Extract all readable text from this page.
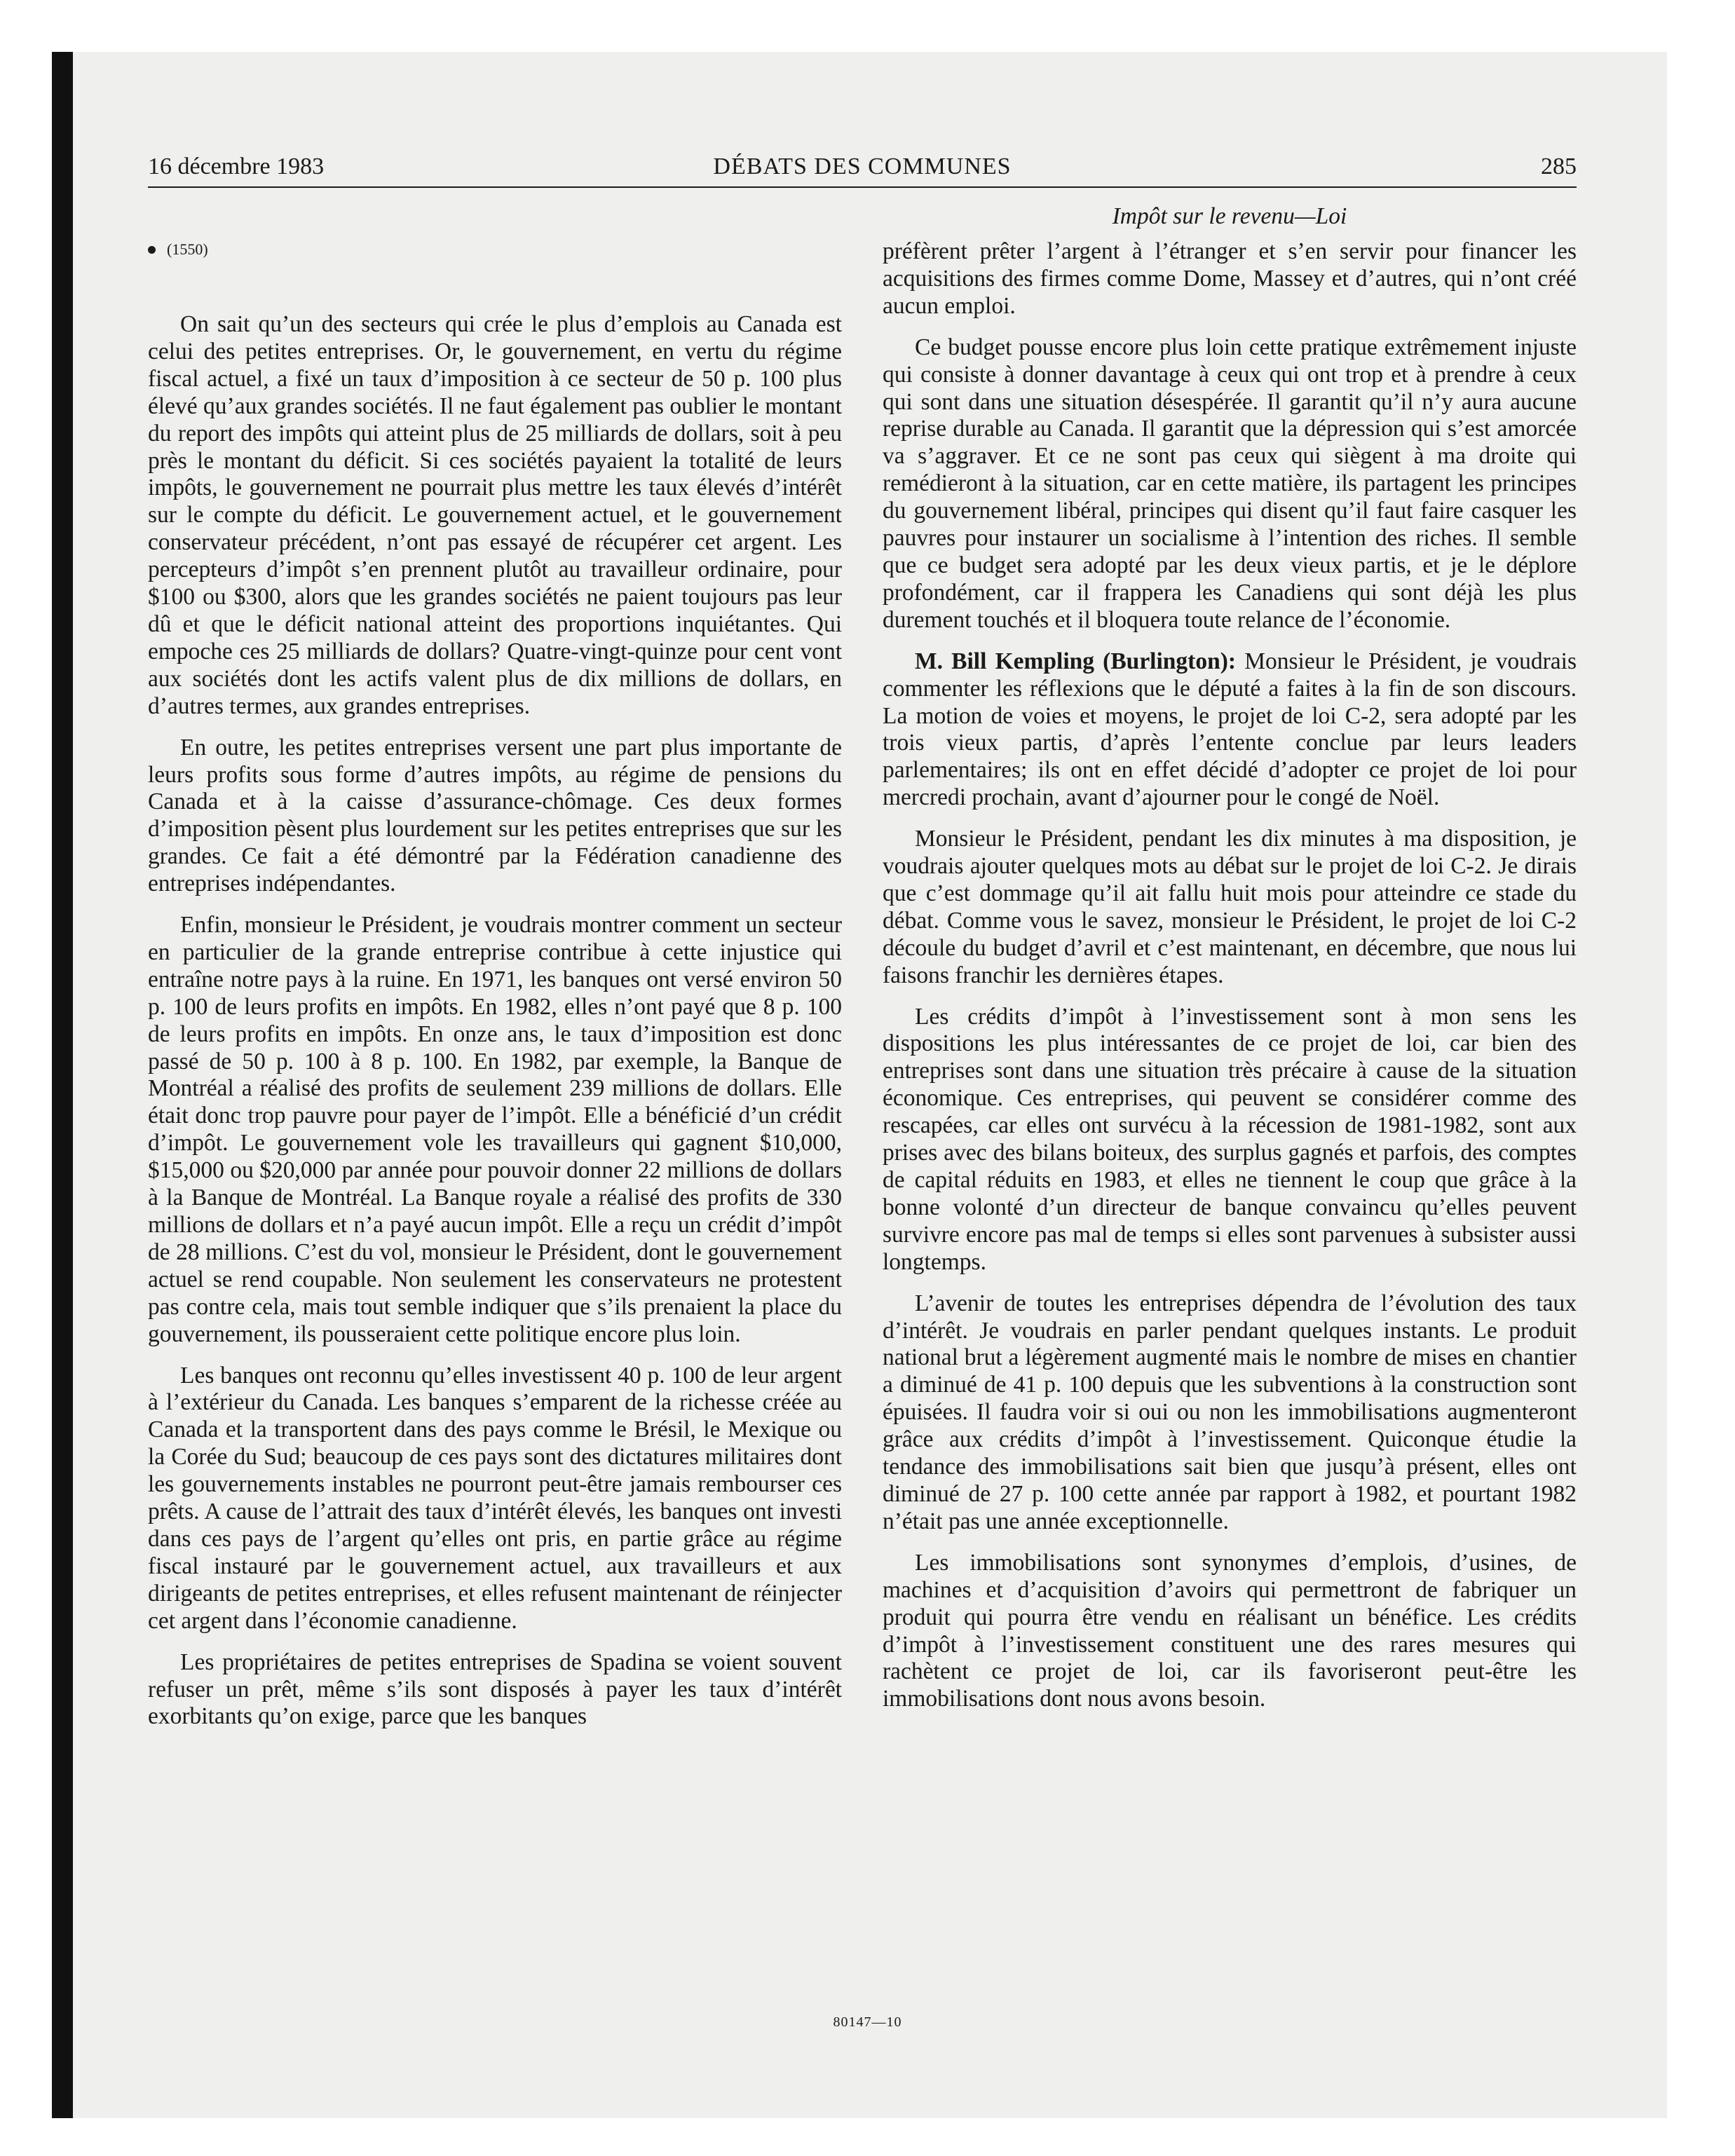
16 décembre 1983	DÉBATS DES COMMUNES	285
(1550)

On sait qu’un des secteurs qui crée le plus d’emplois au Canada est celui des petites entreprises. Or, le gouvernement, en vertu du régime fiscal actuel, a fixé un taux d’imposition à ce secteur de 50 p. 100 plus élevé qu’aux grandes sociétés. Il ne faut également pas oublier le montant du report des impôts qui atteint plus de 25 milliards de dollars, soit à peu près le montant du déficit. Si ces sociétés payaient la totalité de leurs impôts, le gouvernement ne pourrait plus mettre les taux élevés d’intérêt sur le compte du déficit. Le gouvernement actuel, et le gouvernement conservateur précédent, n’ont pas essayé de récupérer cet argent. Les percepteurs d’impôt s’en prennent plutôt au travailleur ordinaire, pour $100 ou $300, alors que les grandes sociétés ne paient toujours pas leur dû et que le déficit national atteint des proportions inquiétantes. Qui empoche ces 25 milliards de dollars? Quatre-vingt-quinze pour cent vont aux sociétés dont les actifs valent plus de dix millions de dollars, en d’autres termes, aux grandes entreprises.

En outre, les petites entreprises versent une part plus importante de leurs profits sous forme d’autres impôts, au régime de pensions du Canada et à la caisse d’assurance-chômage. Ces deux formes d’imposition pèsent plus lourdement sur les petites entreprises que sur les grandes. Ce fait a été démontré par la Fédération canadienne des entreprises indépendantes.

Enfin, monsieur le Président, je voudrais montrer comment un secteur en particulier de la grande entreprise contribue à cette injustice qui entraîne notre pays à la ruine. En 1971, les banques ont versé environ 50 p. 100 de leurs profits en impôts. En 1982, elles n’ont payé que 8 p. 100 de leurs profits en impôts. En onze ans, le taux d’imposition est donc passé de 50 p. 100 à 8 p. 100. En 1982, par exemple, la Banque de Montréal a réalisé des profits de seulement 239 millions de dollars. Elle était donc trop pauvre pour payer de l’impôt. Elle a bénéficié d’un crédit d’impôt. Le gouvernement vole les travailleurs qui gagnent $10,000, $15,000 ou $20,000 par année pour pouvoir donner 22 millions de dollars à la Banque de Montréal. La Banque royale a réalisé des profits de 330 millions de dollars et n’a payé aucun impôt. Elle a reçu un crédit d’impôt de 28 millions. C’est du vol, monsieur le Président, dont le gouvernement actuel se rend coupable. Non seulement les conservateurs ne protestent pas contre cela, mais tout semble indiquer que s’ils prenaient la place du gouvernement, ils pousseraient cette politique encore plus loin.

Les banques ont reconnu qu’elles investissent 40 p. 100 de leur argent à l’extérieur du Canada. Les banques s’emparent de la richesse créée au Canada et la transportent dans des pays comme le Brésil, le Mexique ou la Corée du Sud; beaucoup de ces pays sont des dictatures militaires dont les gouvernements instables ne pourront peut-être jamais rembourser ces prêts. A cause de l’attrait des taux d’intérêt élevés, les banques ont investi dans ces pays de l’argent qu’elles ont pris, en partie grâce au régime fiscal instauré par le gouvernement actuel, aux travailleurs et aux dirigeants de petites entreprises, et elles refusent maintenant de réinjecter cet argent dans l’économie canadienne.

Les propriétaires de petites entreprises de Spadina se voient souvent refuser un prêt, même s’ils sont disposés à payer les taux d’intérêt exorbitants qu’on exige, parce que les banques

Impôt sur le revenu—Loi

préfèrent prêter l’argent à l’étranger et s’en servir pour financer les acquisitions des firmes comme Dome, Massey et d’autres, qui n’ont créé aucun emploi.

Ce budget pousse encore plus loin cette pratique extrêmement injuste qui consiste à donner davantage à ceux qui ont trop et à prendre à ceux qui sont dans une situation désespérée. Il garantit qu’il n’y aura aucune reprise durable au Canada. Il garantit que la dépression qui s’est amorcée va s’aggraver. Et ce ne sont pas ceux qui siègent à ma droite qui remédieront à la situation, car en cette matière, ils partagent les principes du gouvernement libéral, principes qui disent qu’il faut faire casquer les pauvres pour instaurer un socialisme à l’intention des riches. Il semble que ce budget sera adopté par les deux vieux partis, et je le déplore profondément, car il frappera les Canadiens qui sont déjà les plus durement touchés et il bloquera toute relance de l’économie.

M. Bill Kempling (Burlington): Monsieur le Président, je voudrais commenter les réflexions que le député a faites à la fin de son discours. La motion de voies et moyens, le projet de loi C-2, sera adopté par les trois vieux partis, d’après l’entente conclue par leurs leaders parlementaires; ils ont en effet décidé d’adopter ce projet de loi pour mercredi prochain, avant d’ajourner pour le congé de Noël.

Monsieur le Président, pendant les dix minutes à ma disposition, je voudrais ajouter quelques mots au débat sur le projet de loi C-2. Je dirais que c’est dommage qu’il ait fallu huit mois pour atteindre ce stade du débat. Comme vous le savez, monsieur le Président, le projet de loi C-2 découle du budget d’avril et c’est maintenant, en décembre, que nous lui faisons franchir les dernières étapes.

Les crédits d’impôt à l’investissement sont à mon sens les dispositions les plus intéressantes de ce projet de loi, car bien des entreprises sont dans une situation très précaire à cause de la situation économique. Ces entreprises, qui peuvent se considérer comme des rescapées, car elles ont survécu à la récession de 1981-1982, sont aux prises avec des bilans boiteux, des surplus gagnés et parfois, des comptes de capital réduits en 1983, et elles ne tiennent le coup que grâce à la bonne volonté d’un directeur de banque convaincu qu’elles peuvent survivre encore pas mal de temps si elles sont parvenues à subsister aussi longtemps.

L’avenir de toutes les entreprises dépendra de l’évolution des taux d’intérêt. Je voudrais en parler pendant quelques instants. Le produit national brut a légèrement augmenté mais le nombre de mises en chantier a diminué de 41 p. 100 depuis que les subventions à la construction sont épuisées. Il faudra voir si oui ou non les immobilisations augmenteront grâce aux crédits d’impôt à l’investissement. Quiconque étudie la tendance des immobilisations sait bien que jusqu’à présent, elles ont diminué de 27 p. 100 cette année par rapport à 1982, et pourtant 1982 n’était pas une année exceptionnelle.

Les immobilisations sont synonymes d’emplois, d’usines, de machines et d’acquisition d’avoirs qui permettront de fabriquer un produit qui pourra être vendu en réalisant un bénéfice. Les crédits d’impôt à l’investissement constituent une des rares mesures qui rachètent ce projet de loi, car ils favoriseront peut-être les immobilisations dont nous avons besoin.

80147—10
